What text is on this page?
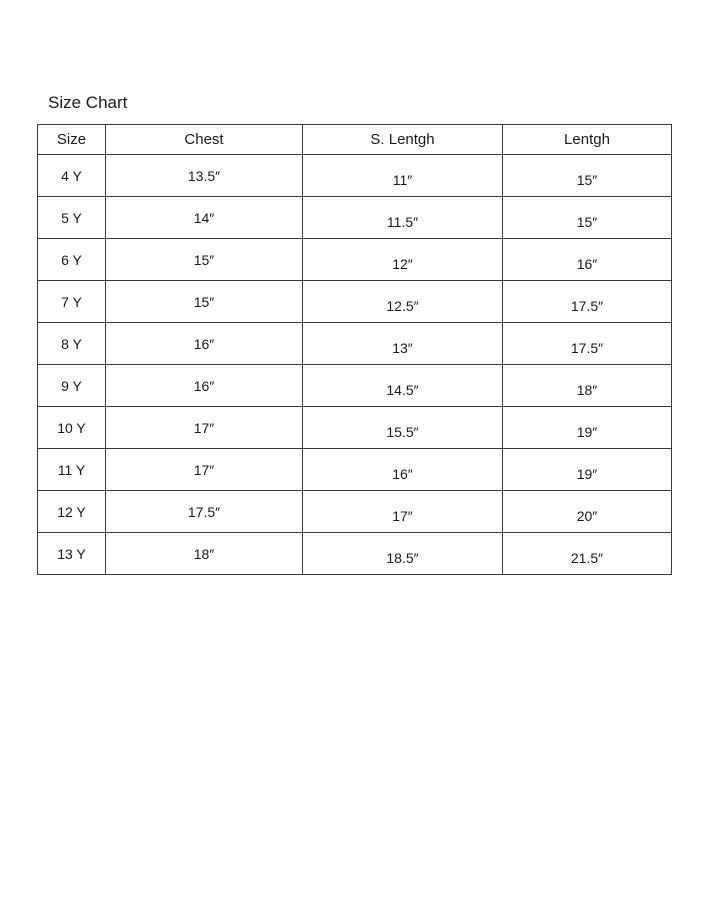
Size Chart
Size	Chest	S. Lentgh	Lentgh
4 Y	13.5″	11″	15″
5 Y	14″	11.5″	15″
6 Y	15″	12″	16″
7 Y	15″	12.5″	17.5″
8 Y	16″	13″	17.5″
9 Y	16″	14.5″	18″
10 Y	17″	15.5″	19″
11 Y	17″	16″	19″
12 Y	17.5″	17″	20″
13 Y	18″	18.5″	21.5″
